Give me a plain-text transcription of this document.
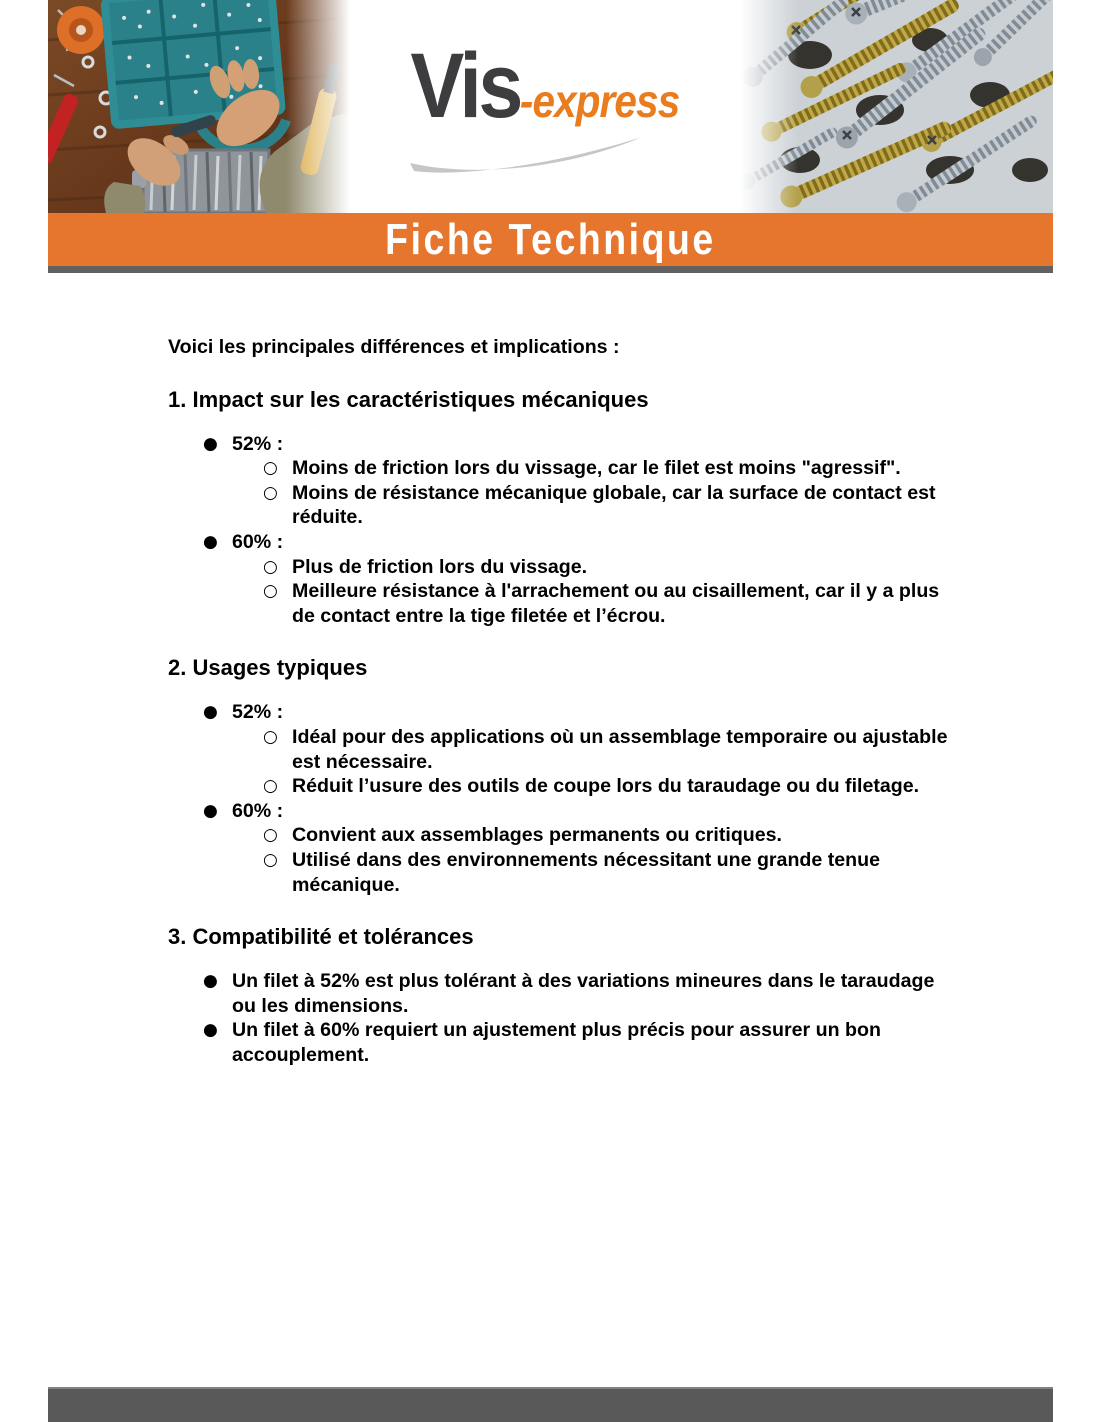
Vis-express
Fiche Technique

Voici les principales différences et implications :

1. Impact sur les caractéristiques mécaniques
● 52% :
○ Moins de friction lors du vissage, car le filet est moins "agressif".
○ Moins de résistance mécanique globale, car la surface de contact est réduite.
● 60% :
○ Plus de friction lors du vissage.
○ Meilleure résistance à l'arrachement ou au cisaillement, car il y a plus de contact entre la tige filetée et l’écrou.
2. Usages typiques
● 52% :
○ Idéal pour des applications où un assemblage temporaire ou ajustable est nécessaire.
○ Réduit l’usure des outils de coupe lors du taraudage ou du filetage.
● 60% :
○ Convient aux assemblages permanents ou critiques.
○ Utilisé dans des environnements nécessitant une grande tenue mécanique.
3. Compatibilité et tolérances
● Un filet à 52% est plus tolérant à des variations mineures dans le taraudage ou les dimensions.
● Un filet à 60% requiert un ajustement plus précis pour assurer un bon accouplement.
